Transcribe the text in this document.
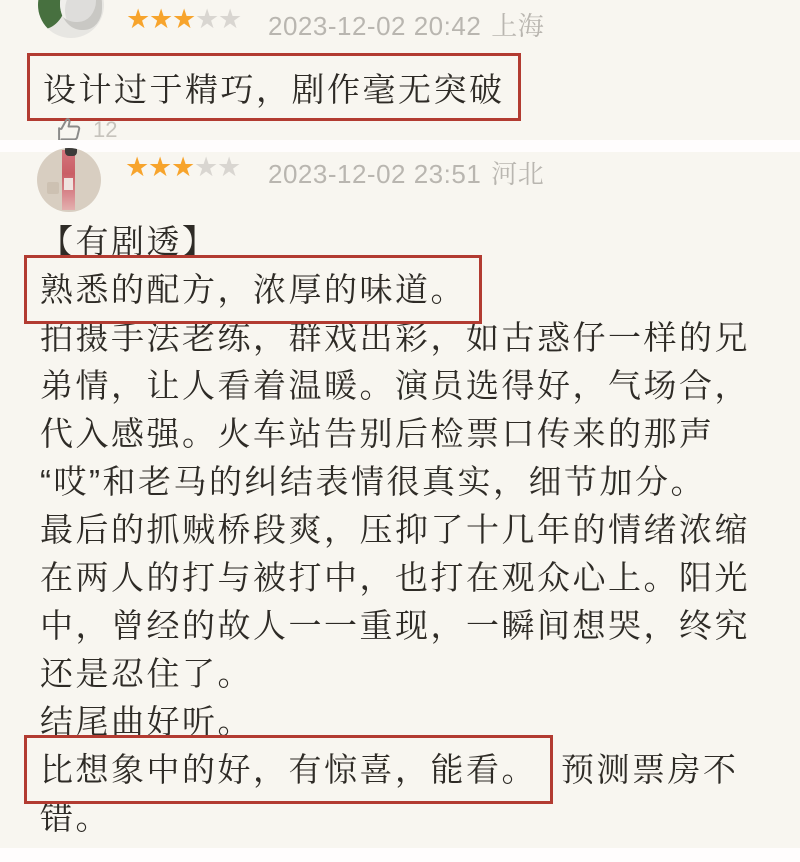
★
★
★
★
★ 2023-12-02 20:42 上海
设计过于精巧，剧作毫无突破
12
★
★
★
★
★ 2023-12-02 23:51 河北
【有剧透】
熟悉的配方，浓厚的味道。
拍摄手法老练，群戏出彩，如古惑仔一样的兄
弟情，让人看着温暖。演员选得好，气场合，
代入感强。火车站告别后检票口传来的那声
“哎”和老马的纠结表情很真实，细节加分。
最后的抓贼桥段爽，压抑了十几年的情绪浓缩
在两人的打与被打中，也打在观众心上。阳光
中，曾经的故人一一重现，一瞬间想哭，终究
还是忍住了。
结尾曲好听。
比想象中的好，有惊喜，能看。 预测票房不
错。
